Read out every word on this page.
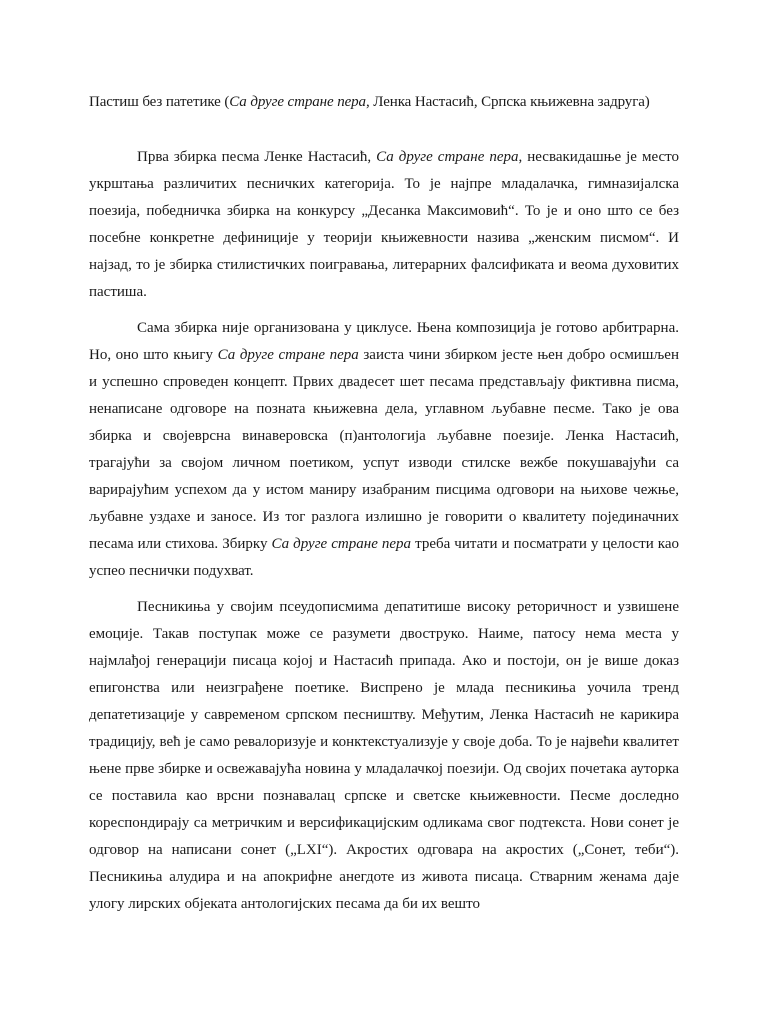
Пастиш без патетике (Са друге стране пера, Ленка Настасић, Српска књижевна задруга)

Прва збирка песма Ленке Настасић, Са друге стране пера, несвакидашње је место укрштања различитих песничких категорија. То је најпре младалачка, гимназијалска поезија, победничка збирка на конкурсу „Десанка Максимовић“. То је и оно што се без посебне конкретне дефиниције у теорији књижевности назива „женским писмом“. И најзад, то је збирка стилистичких поигравања, литерарних фалсификата и веома духовитих пастиша.

Сама збирка није организована у циклусе. Њена композиција је готово арбитрарна. Но, оно што књигу Са друге стране пера заиста чини збирком јесте њен добро осмишљен и успешно спроведен концепт. Првих двадесет шет песама представљају фиктивна писма, ненаписане одговоре на позната књижевна дела, углавном љубавне песме. Тако је ова збирка и својеврсна винаверовска (п)антологија љубавне поезије. Ленка Настасић, трагајући за својом личном поетиком, успут изводи стилске вежбе покушавајући са варирајућим успехом да у истом маниру изабраним писцима одговори на њихове чежње, љубавне уздахе и заносе. Из тог разлога излишно је говорити о квалитету појединачних песама или стихова. Збирку Са друге стране пера треба читати и посматрати у целости као успео песнички подухват.

Песникиња у својим псеудописмима депатитише високу реторичност и узвишене емоције. Такав поступак може се разумети двоструко. Наиме, патосу нема места у најмлађој генерацији писаца којој и Настасић припада. Ако и постоји, он је више доказ епигонства или неизграђене поетике. Виспрено је млада песникиња уочила тренд депатетизације у савременом српском песништву. Међутим, Ленка Настасић не карикира традицију, већ је само ревалоризује и конктекстуализује у своје доба. То је највећи квалитет њене прве збирке и освежавајућа новина у младалачкој поезији. Од својих почетака ауторка се поставила као врсни познавалац српске и светске књижевности. Песме доследно кореспондирају са метричким и версификацијским одликама свог подтекста. Нови сонет је одговор на написани сонет („LXI“). Акростих одговара на акростих („Сонет, теби“). Песникиња алудира и на апокрифне анегдоте из живота писаца. Стварним женама даје улогу лирских објеката антологијских песама да би их вешто
